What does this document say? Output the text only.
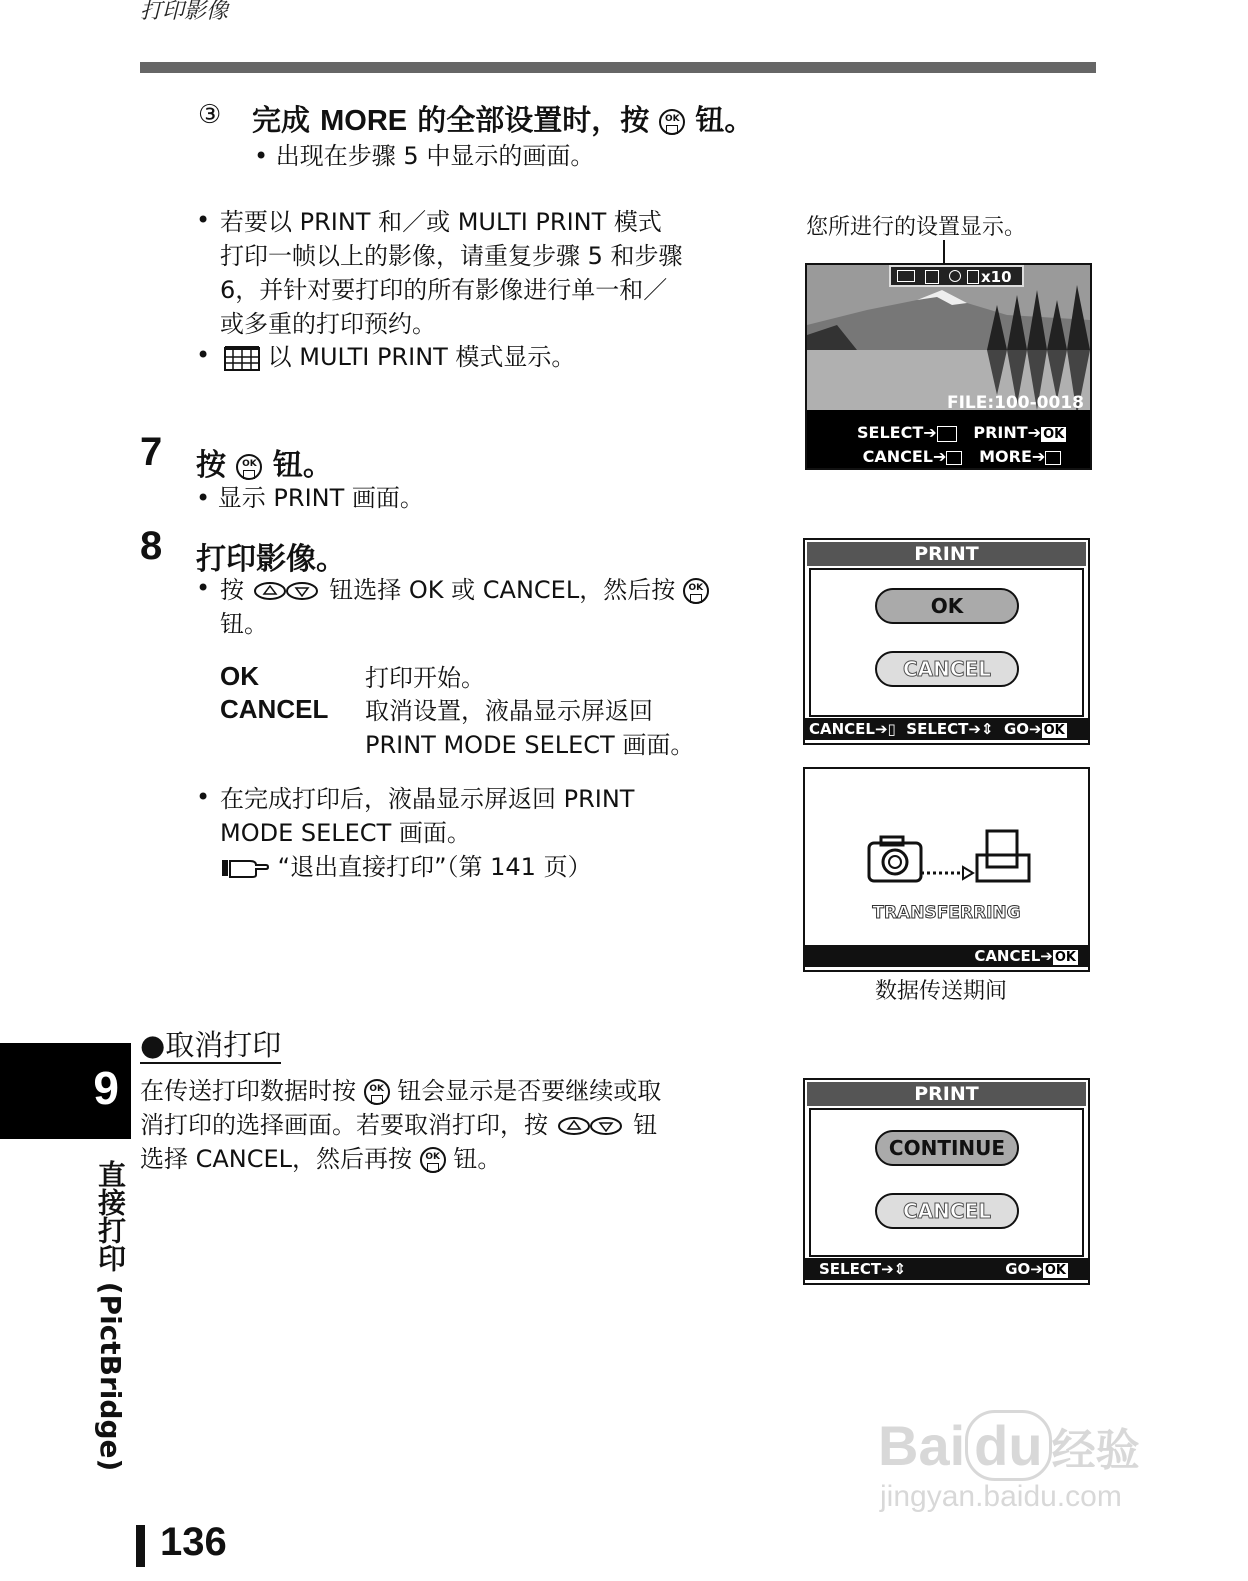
打印影像
③ 完成 MORE 的全部设置时，按 OK
钮。
• 出现在步骤 5 中显示的画面。
• 若要以 PRINT 和／或 MULTI PRINT 模式
打印一帧以上的影像，请重复步骤 5 和步骤
6，并针对要打印的所有影像进行单一和／
或多重的打印预约。
•	以 MULTI PRINT 模式显示。
7 按 OK
钮。
• 显示 PRINT 画面。
8 打印影像。
• 按	钮选择 OK 或 CANCEL，然后按 OK
钮。
OK	打印开始。
CANCEL 取消设置，液晶显示屏返回
PRINT MODE SELECT 画面。
• 在完成打印后，液晶显示屏返回 PRINT
MODE SELECT 画面。
“退出直接打印”（第 141 页）
●取消打印
在传送打印数据时按 OK
钮会显示是否要继续或取
消打印的选择画面。若要取消打印，按	钮
选择 CANCEL，然后再按 OK
钮。
您所进行的设置显示。
x10
FILE:100-0018
SELECT➔ PRINT➔ OK
CANCEL➔ MORE➔
PRINT
OK
CANCEL
CANCEL➔▯  SELECT➔⇕  GO➔ OK
TRANSFERRING
CANCEL➔ OK
数据传送期间
PRINT
CONTINUE
CANCEL
SELECT➔⇕	GO➔ OK
9
直接打印 (PictBridge)
136
Bai du 经验
jingyan.baidu.com
